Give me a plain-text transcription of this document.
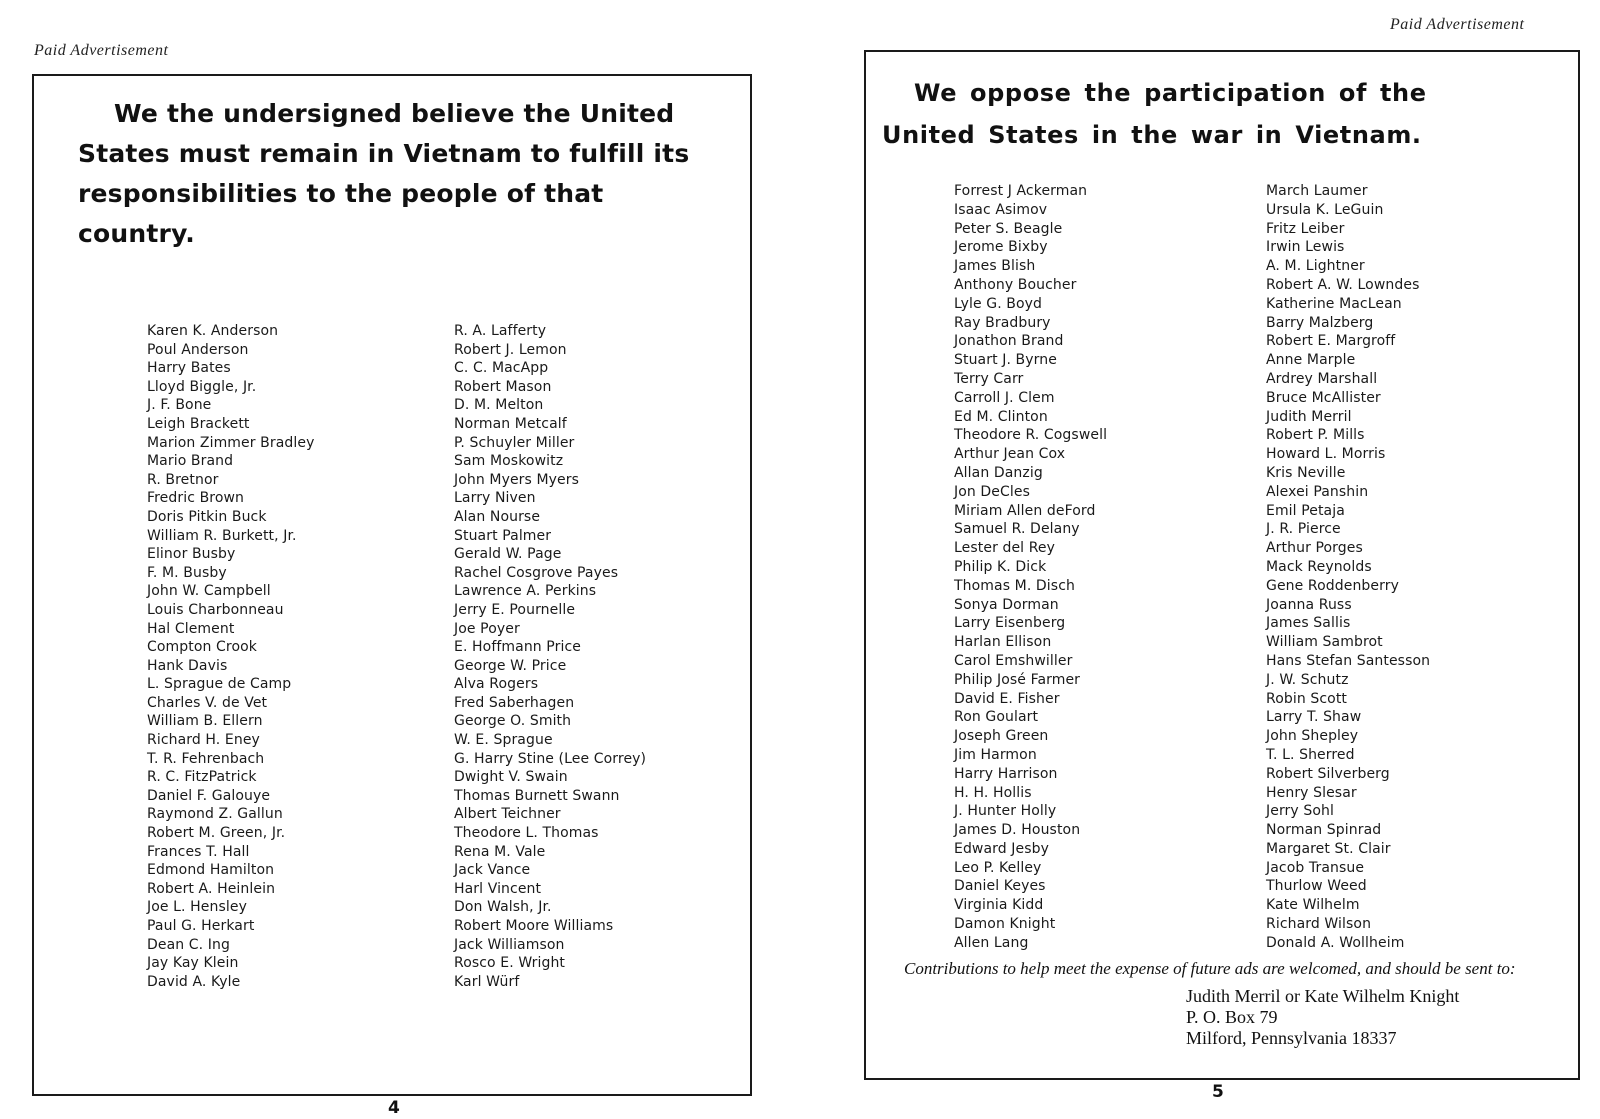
Paid Advertisement
We the undersigned believe the United States must remain in Vietnam to fulfill its responsibilities to the people of that country.
Karen K. Anderson
Poul Anderson
Harry Bates
Lloyd Biggle, Jr.
J. F. Bone
Leigh Brackett
Marion Zimmer Bradley
Mario Brand
R. Bretnor
Fredric Brown
Doris Pitkin Buck
William R. Burkett, Jr.
Elinor Busby
F. M. Busby
John W. Campbell
Louis Charbonneau
Hal Clement
Compton Crook
Hank Davis
L. Sprague de Camp
Charles V. de Vet
William B. Ellern
Richard H. Eney
T. R. Fehrenbach
R. C. FitzPatrick
Daniel F. Galouye
Raymond Z. Gallun
Robert M. Green, Jr.
Frances T. Hall
Edmond Hamilton
Robert A. Heinlein
Joe L. Hensley
Paul G. Herkart
Dean C. Ing
Jay Kay Klein
David A. Kyle
R. A. Lafferty
Robert J. Lemon
C. C. MacApp
Robert Mason
D. M. Melton
Norman Metcalf
P. Schuyler Miller
Sam Moskowitz
John Myers Myers
Larry Niven
Alan Nourse
Stuart Palmer
Gerald W. Page
Rachel Cosgrove Payes
Lawrence A. Perkins
Jerry E. Pournelle
Joe Poyer
E. Hoffmann Price
George W. Price
Alva Rogers
Fred Saberhagen
George O. Smith
W. E. Sprague
G. Harry Stine (Lee Correy)
Dwight V. Swain
Thomas Burnett Swann
Albert Teichner
Theodore L. Thomas
Rena M. Vale
Jack Vance
Harl Vincent
Don Walsh, Jr.
Robert Moore Williams
Jack Williamson
Rosco E. Wright
Karl Würf
4
Paid Advertisement
We oppose the participation of the United States in the war in Vietnam.
Forrest J Ackerman
Isaac Asimov
Peter S. Beagle
Jerome Bixby
James Blish
Anthony Boucher
Lyle G. Boyd
Ray Bradbury
Jonathon Brand
Stuart J. Byrne
Terry Carr
Carroll J. Clem
Ed M. Clinton
Theodore R. Cogswell
Arthur Jean Cox
Allan Danzig
Jon DeCles
Miriam Allen deFord
Samuel R. Delany
Lester del Rey
Philip K. Dick
Thomas M. Disch
Sonya Dorman
Larry Eisenberg
Harlan Ellison
Carol Emshwiller
Philip José Farmer
David E. Fisher
Ron Goulart
Joseph Green
Jim Harmon
Harry Harrison
H. H. Hollis
J. Hunter Holly
James D. Houston
Edward Jesby
Leo P. Kelley
Daniel Keyes
Virginia Kidd
Damon Knight
Allen Lang
March Laumer
Ursula K. LeGuin
Fritz Leiber
Irwin Lewis
A. M. Lightner
Robert A. W. Lowndes
Katherine MacLean
Barry Malzberg
Robert E. Margroff
Anne Marple
Ardrey Marshall
Bruce McAllister
Judith Merril
Robert P. Mills
Howard L. Morris
Kris Neville
Alexei Panshin
Emil Petaja
J. R. Pierce
Arthur Porges
Mack Reynolds
Gene Roddenberry
Joanna Russ
James Sallis
William Sambrot
Hans Stefan Santesson
J. W. Schutz
Robin Scott
Larry T. Shaw
John Shepley
T. L. Sherred
Robert Silverberg
Henry Slesar
Jerry Sohl
Norman Spinrad
Margaret St. Clair
Jacob Transue
Thurlow Weed
Kate Wilhelm
Richard Wilson
Donald A. Wollheim
Contributions to help meet the expense of future ads are welcomed, and should be sent to:
Judith Merril or Kate Wilhelm Knight
P. O. Box 79
Milford, Pennsylvania 18337
5
